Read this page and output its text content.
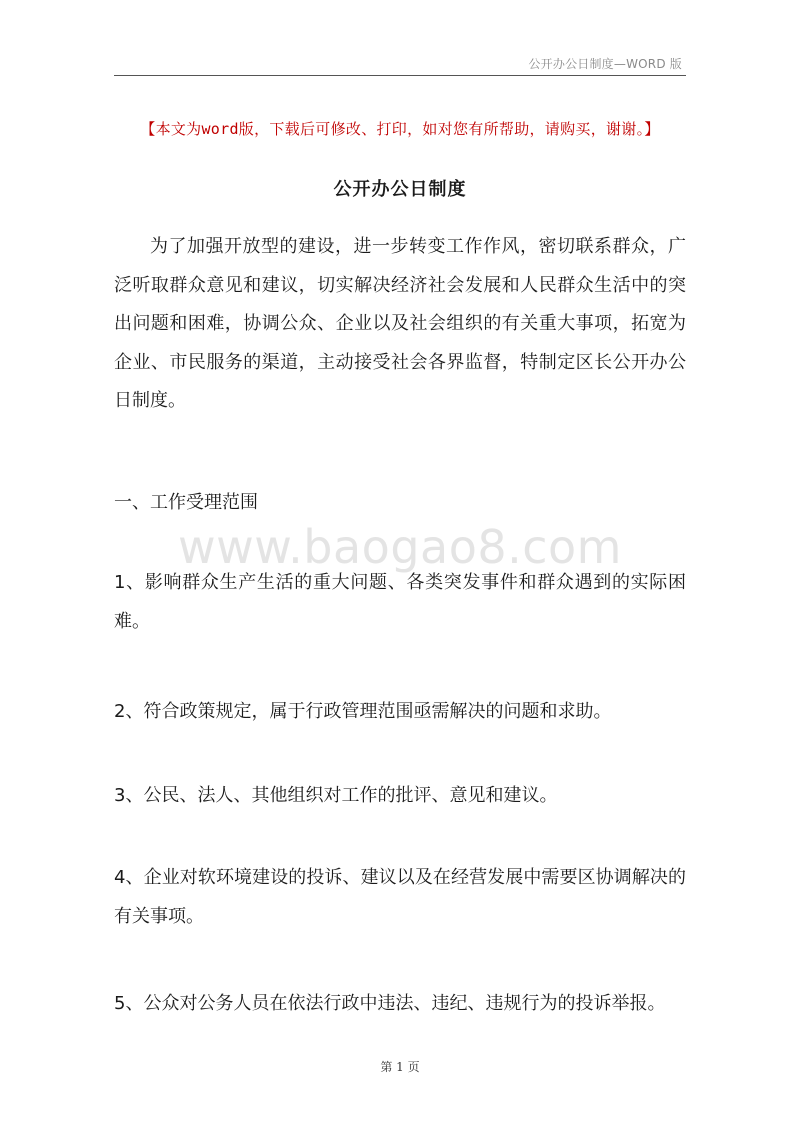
公开办公日制度—WORD 版
【本文为word版，下载后可修改、打印，如对您有所帮助，请购买，谢谢。】
公开办公日制度

为了加强开放型的建设，进一步转变工作作风，密切联系群众，广泛听取群众意见和建议，切实解决经济社会发展和人民群众生活中的突出问题和困难，协调公众、企业以及社会组织的有关重大事项，拓宽为企业、市民服务的渠道，主动接受社会各界监督，特制定区长公开办公日制度。

一、工作受理范围

www.baogao8.com

1、影响群众生产生活的重大问题、各类突发事件和群众遇到的实际困难。

2、符合政策规定，属于行政管理范围亟需解决的问题和求助。

3、公民、法人、其他组织对工作的批评、意见和建议。

4、企业对软环境建设的投诉、建议以及在经营发展中需要区协调解决的有关事项。

5、公众对公务人员在依法行政中违法、违纪、违规行为的投诉举报。

第 1 页
